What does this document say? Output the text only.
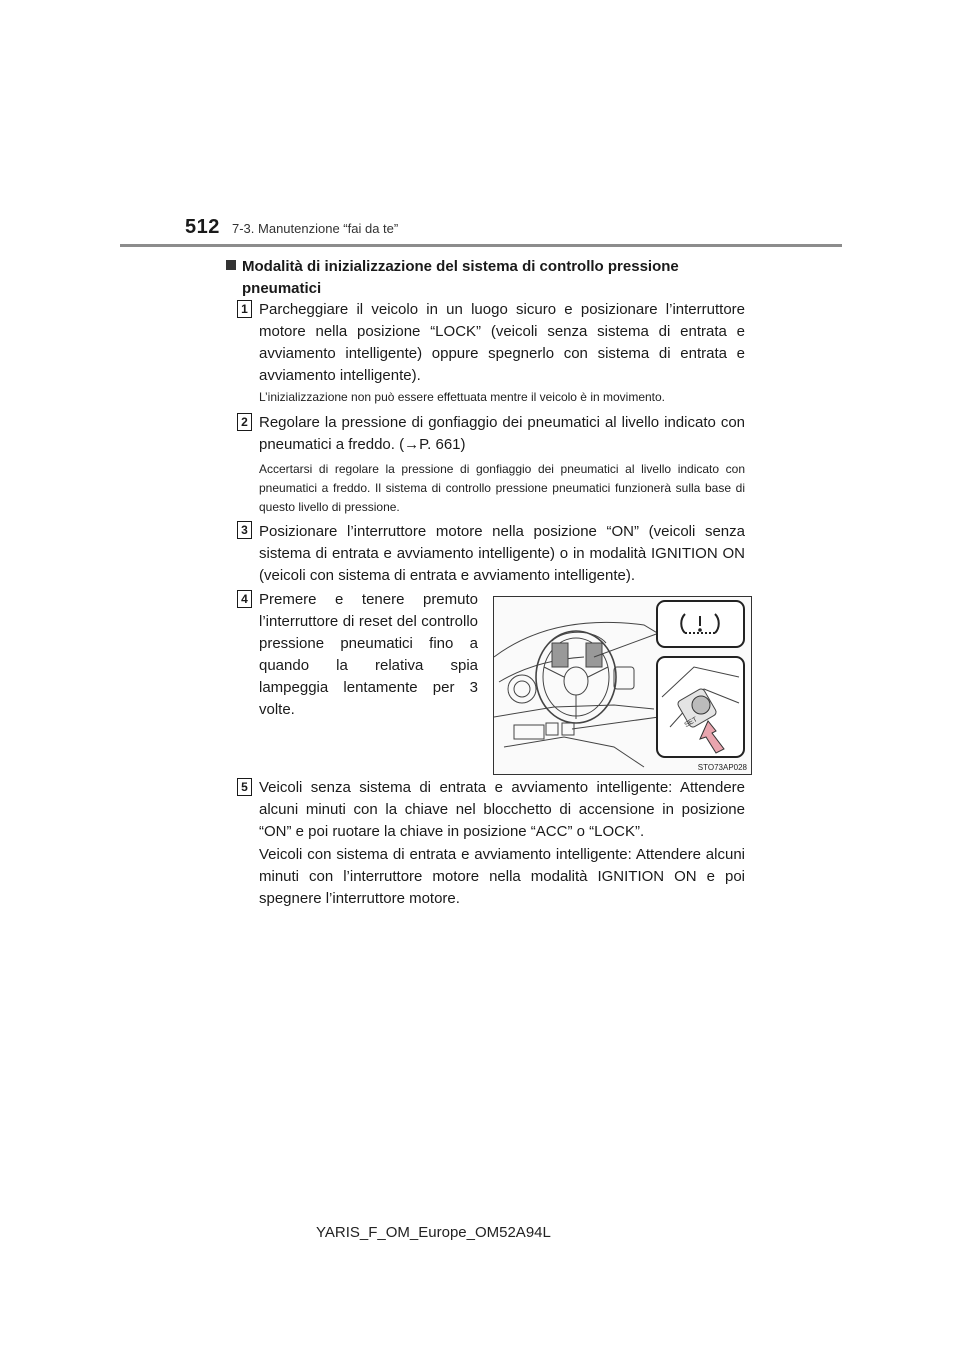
512 7-3. Manutenzione “fai da te”
Modalità di inizializzazione del sistema di controllo pressione
pneumatici
1 Parcheggiare il veicolo in un luogo sicuro e posizionare l’interruttore motore nella posizione “LOCK” (veicoli senza sistema di entrata e avviamento intelligente) oppure spegnerlo con sistema di entrata e avviamento intelligente).
L’inizializzazione non può essere effettuata mentre il veicolo è in movimento.
2 Regolare la pressione di gonfiaggio dei pneumatici al livello indicato con pneumatici a freddo. (→P. 661)
Accertarsi di regolare la pressione di gonfiaggio dei pneumatici al livello indicato con pneumatici a freddo. Il sistema di controllo pressione pneumatici funzionerà sulla base di questo livello di pressione.
3 Posizionare l’interruttore motore nella posizione “ON” (veicoli senza sistema di entrata e avviamento intelligente) o in modalità IGNITION ON (veicoli con sistema di entrata e avviamento intelligente).
4 Premere e tenere premuto l’interruttore di reset del controllo pressione pneumatici fino a quando la relativa spia lampeggia lentamente per 3 volte.
SET
STO73AP028
5 Veicoli senza sistema di entrata e avviamento intelligente: Attendere alcuni minuti con la chiave nel blocchetto di accensione in posizione “ON” e poi ruotare la chiave in posizione “ACC” o “LOCK”.
Veicoli con sistema di entrata e avviamento intelligente: Attendere alcuni minuti con l’interruttore motore nella modalità IGNITION ON e poi spegnere l’interruttore motore.
YARIS_F_OM_Europe_OM52A94L
